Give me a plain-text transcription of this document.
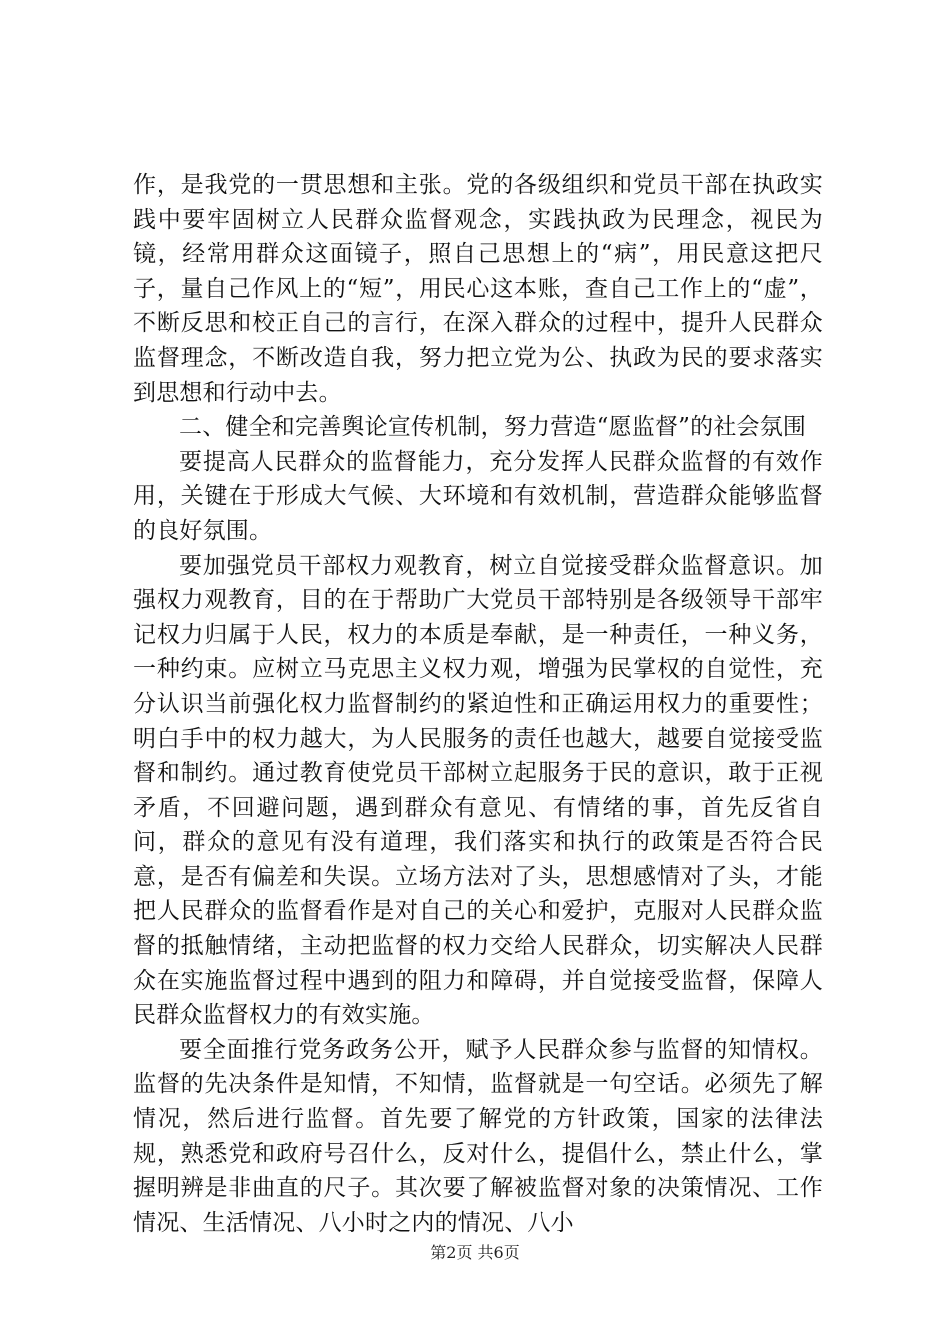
作，是我党的一贯思想和主张。党的各级组织和党员干部在执政实践中要牢固树立人民群众监督观念，实践执政为民理念，视民为镜，经常用群众这面镜子，照自己思想上的“病”，用民意这把尺子，量自己作风上的“短”，用民心这本账，查自己工作上的“虚”，不断反思和校正自己的言行，在深入群众的过程中，提升人民群众监督理念，不断改造自我，努力把立党为公、执政为民的要求落实到思想和行动中去。

二、健全和完善舆论宣传机制，努力营造“愿监督”的社会氛围

要提高人民群众的监督能力，充分发挥人民群众监督的有效作用，关键在于形成大气候、大环境和有效机制，营造群众能够监督的良好氛围。

要加强党员干部权力观教育，树立自觉接受群众监督意识。加强权力观教育，目的在于帮助广大党员干部特别是各级领导干部牢记权力归属于人民，权力的本质是奉献，是一种责任，一种义务，一种约束。应树立马克思主义权力观，增强为民掌权的自觉性，充分认识当前强化权力监督制约的紧迫性和正确运用权力的重要性；明白手中的权力越大，为人民服务的责任也越大，越要自觉接受监督和制约。通过教育使党员干部树立起服务于民的意识，敢于正视矛盾，不回避问题，遇到群众有意见、有情绪的事，首先反省自问，群众的意见有没有道理，我们落实和执行的政策是否符合民意，是否有偏差和失误。立场方法对了头，思想感情对了头，才能把人民群众的监督看作是对自己的关心和爱护，克服对人民群众监督的抵触情绪，主动把监督的权力交给人民群众，切实解决人民群众在实施监督过程中遇到的阻力和障碍，并自觉接受监督，保障人民群众监督权力的有效实施。

要全面推行党务政务公开，赋予人民群众参与监督的知情权。监督的先决条件是知情，不知情，监督就是一句空话。必须先了解情况，然后进行监督。首先要了解党的方针政策，国家的法律法规，熟悉党和政府号召什么，反对什么，提倡什么，禁止什么，掌握明辨是非曲直的尺子。其次要了解被监督对象的决策情况、工作情况、生活情况、八小时之内的情况、八小

第2页 共6页
